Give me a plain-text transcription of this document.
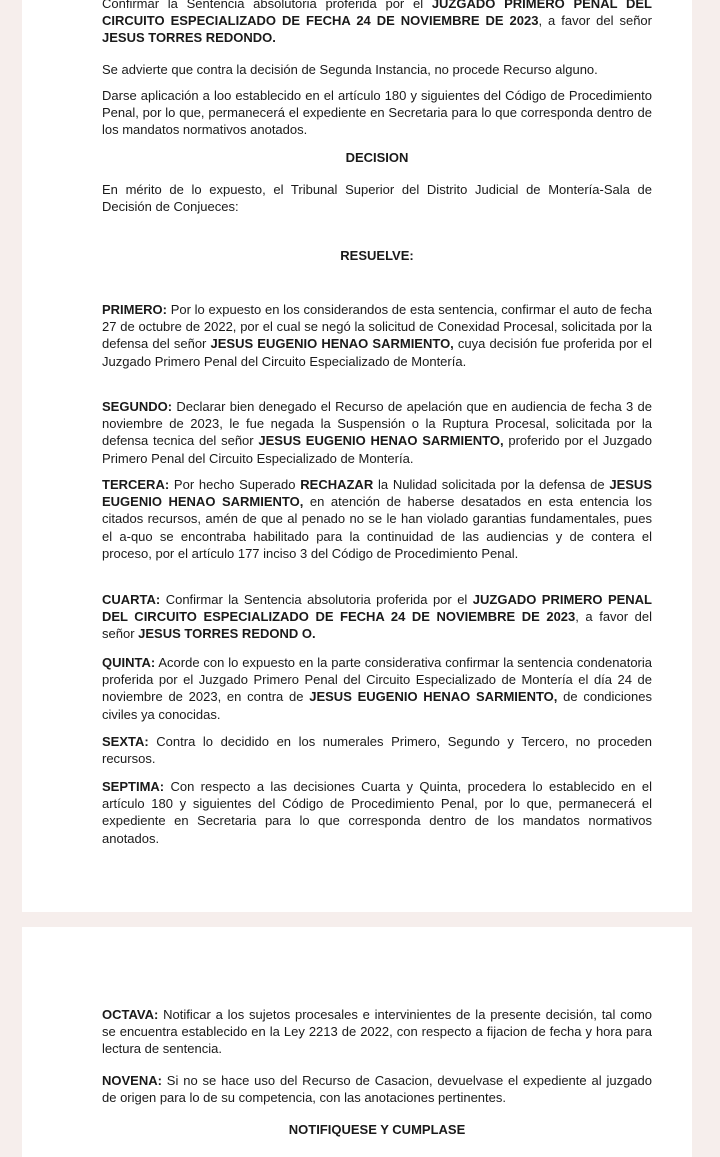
Confirmar la Sentencia absolutoria proferida por el JUZGADO PRIMERO PENAL DEL CIRCUITO ESPECIALIZADO DE FECHA 24 DE NOVIEMBRE DE 2023, a favor del señor JESUS TORRES REDONDO.

Se advierte que contra la decisión de Segunda Instancia, no procede Recurso alguno.

Darse aplicación a loo establecido en el artículo 180 y siguientes del Código de Procedimiento Penal, por lo que, permanecerá el expediente en Secretaria para lo que corresponda dentro de los mandatos normativos anotados.

DECISION

En mérito de lo expuesto, el Tribunal Superior del Distrito Judicial de Montería-Sala de Decisión de Conjueces:

RESUELVE:

PRIMERO: Por lo expuesto en los considerandos de esta sentencia, confirmar el auto de fecha 27 de octubre de 2022, por el cual se negó la solicitud de Conexidad Procesal, solicitada por la defensa del señor JESUS EUGENIO HENAO SARMIENTO, cuya decisión fue proferida por el Juzgado Primero Penal del Circuito Especializado de Montería.

SEGUNDO: Declarar bien denegado el Recurso de apelación que en audiencia de fecha 3 de noviembre de 2023, le fue negada la Suspensión o la Ruptura Procesal, solicitada por la defensa tecnica del señor JESUS EUGENIO HENAO SARMIENTO, proferido por el Juzgado Primero Penal del Circuito Especializado de Montería.

TERCERA: Por hecho Superado RECHAZAR la Nulidad solicitada por la defensa de JESUS EUGENIO HENAO SARMIENTO, en atención de haberse desatados en esta entencia los citados recursos, amén de que al penado no se le han violado garantias fundamentales, pues el a-quo se encontraba habilitado para la continuidad de las audiencias y de contera el proceso, por el artículo 177 inciso 3 del Código de Procedimiento Penal.

CUARTA: Confirmar la Sentencia absolutoria proferida por el JUZGADO PRIMERO PENAL DEL CIRCUITO ESPECIALIZADO DE FECHA 24 DE NOVIEMBRE DE 2023, a favor del señor JESUS TORRES REDOND O.

QUINTA: Acorde con lo expuesto en la parte considerativa confirmar la sentencia condenatoria proferida por el Juzgado Primero Penal del Circuito Especializado de Montería el día 24 de noviembre de 2023, en contra de JESUS EUGENIO HENAO SARMIENTO, de condiciones civiles ya conocidas.

SEXTA: Contra lo decidido en los numerales Primero, Segundo y Tercero, no proceden recursos.

SEPTIMA: Con respecto a las decisiones Cuarta y Quinta, procedera lo establecido en el artículo 180 y siguientes del Código de Procedimiento Penal, por lo que, permanecerá el expediente en Secretaria para lo que corresponda dentro de los mandatos normativos anotados.

OCTAVA: Notificar a los sujetos procesales e intervinientes de la presente decisión, tal como se encuentra establecido en la Ley 2213 de 2022, con respecto a fijacion de fecha y hora para lectura de sentencia.

NOVENA: Si no se hace uso del Recurso de Casacion, devuelvase el expediente al juzgado de origen para lo de su competencia, con las anotaciones pertinentes.

NOTIFIQUESE Y CUMPLASE
